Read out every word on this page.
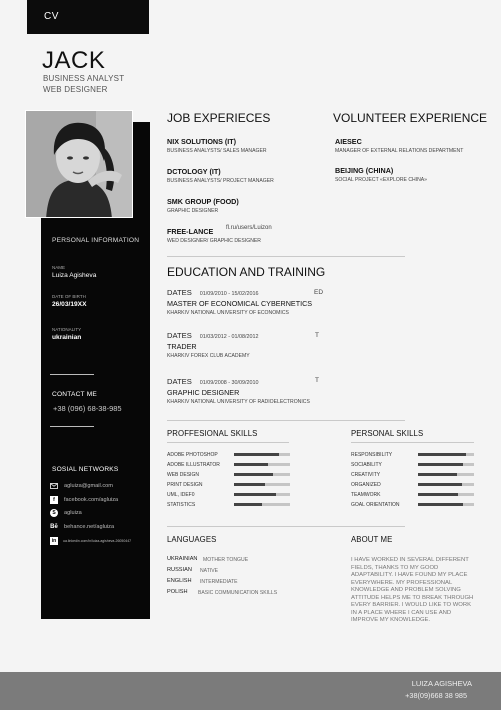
CV
JACK
BUSINESS ANALYST
WEB DESIGNER
PERSONAL INFORMATION
NAME
Luiza Agisheva
DATE OF BIRTH
26/03/19XX
NATIONALITY
ukrainian
CONTACT ME
+38 (096) 68-38-985
SOSIAL NETWORKS
agluiza@gmail.com
f	facebook.com/agluiza
S	agluiza
Bē behance.net/agluiza
in	ua.linkedin.com/in/luiza-agisheva-26050447
JOB EXPERIECES
NIX SOLUTIONS (IT)
BUSINESS ANALYSTS/ SALES MANAGER
DCTOLOGY (IT)
BUSINESS ANALYSTS/ PROJECT MANAGER
SMK GROUP (FOOD)
GRAPHIC DESIGNER
FREE-LANCE fl.ru/users/Luizon
WED DESIGNER/ GRAPHIC DESIGNER
VOLUNTEER EXPERIENCE
AIESEC
MANAGER OF EXTERNAL RELATIONS DEPARTMENT
BEIJING (CHINA)
SOCIAL PROJECT «EXPLORE CHINA»
EDUCATION AND TRAINING
DATES 01/09/2010 - 15/02/2016	ED
MASTER OF ECONOMICAL CYBERNETICS
KHARKIV NATIONAL UNIVERSITY OF ECONOMICS
DATES 01/03/2012 - 01/08/2012	T
TRADER
KHARKIV FOREX CLUB ACADEMY
DATES 01/09/2008 - 30/09/2010	T
GRAPHIC DESIGNER
KHARKIV NATIONAL UNIVERSITY OF RADIOELECTRONICS
PROFFESIONAL SKILLS	PERSONAL SKILLS
ADOBE PHOTOSHOP
ADOBE ILLUSTRATOR
WEB DESIGN
PRINT DESIGN
UML, IDEF0
STATISTICS
RESPONSIBILITY
SOCIABILITY
CREATIVITY
ORGANIZED
TEAMWORK
GOAL ORIENTATION
LANGUAGES
UKRAINIAN MOTHER TONGUE
RUSSIAN NATIVE
ENGLISH INTERMEDIATE
POLISH BASIC COMMUNICATION SKILLS
ABOUT ME
I HAVE WORKED IN SEVERAL DIFFERENT FIELDS, THANKS TO MY GOOD ADAPTABILITY. I HAVE FOUND MY PLACE EVERYWHERE. MY PROFESSIONAL KNOWLEDGE AND PROBLEM SOLVING ATTITUDE HELPS ME TO BREAK THROUGH EVERY BARRIER. I WOULD LIKE TO WORK IN A PLACE WHERE I CAN USE AND IMPROVE MY KNOWLEDGE.
LUIZA AGISHEVA
+38(09)668 38 985
